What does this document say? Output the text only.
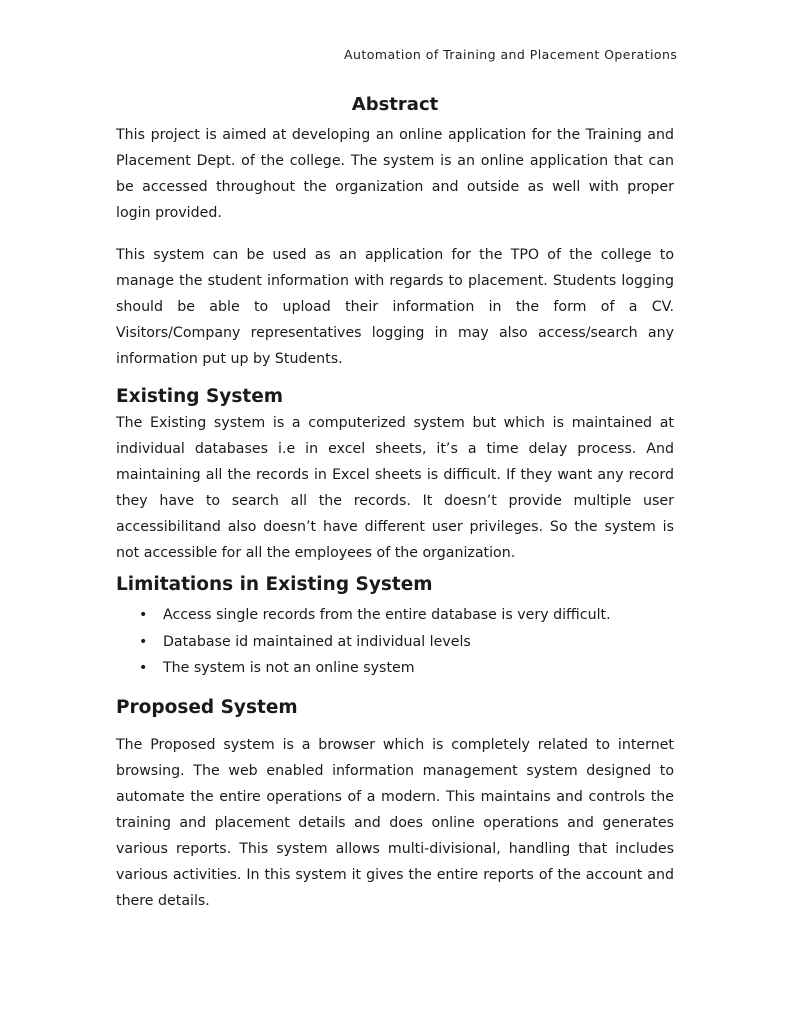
Automation of Training and Placement Operations
Abstract

This project is aimed at developing an online application for the Training and Placement Dept. of the college. The system is an online application that can be accessed throughout the organization and outside as well with proper login provided.

This system can be used as an application for the TPO of the college to manage the student information with regards to placement. Students logging should be able to upload their information in the form of a CV. Visitors/Company representatives logging in may also access/search any information put up by Students.

Existing System

The Existing system is a computerized system but which is maintained at individual databases i.e in excel sheets, it’s a time delay process. And maintaining all the records in Excel sheets is difficult. If they want any record they have to search all the records. It doesn’t provide multiple user accessibilitand also doesn’t have different user privileges. So the system is not accessible for all the employees of the organization.

Limitations in Existing System
• Access single records from the entire database is very difficult.
• Database id maintained at individual levels
• The system is not an online system
Proposed System

The Proposed system is a browser which is completely related to internet browsing. The web enabled information management system designed to automate the entire operations of a modern. This maintains and controls the training and placement details and does online operations and generates various reports. This system allows multi-divisional, handling that includes various activities. In this system it gives the entire reports of the account and there details.
